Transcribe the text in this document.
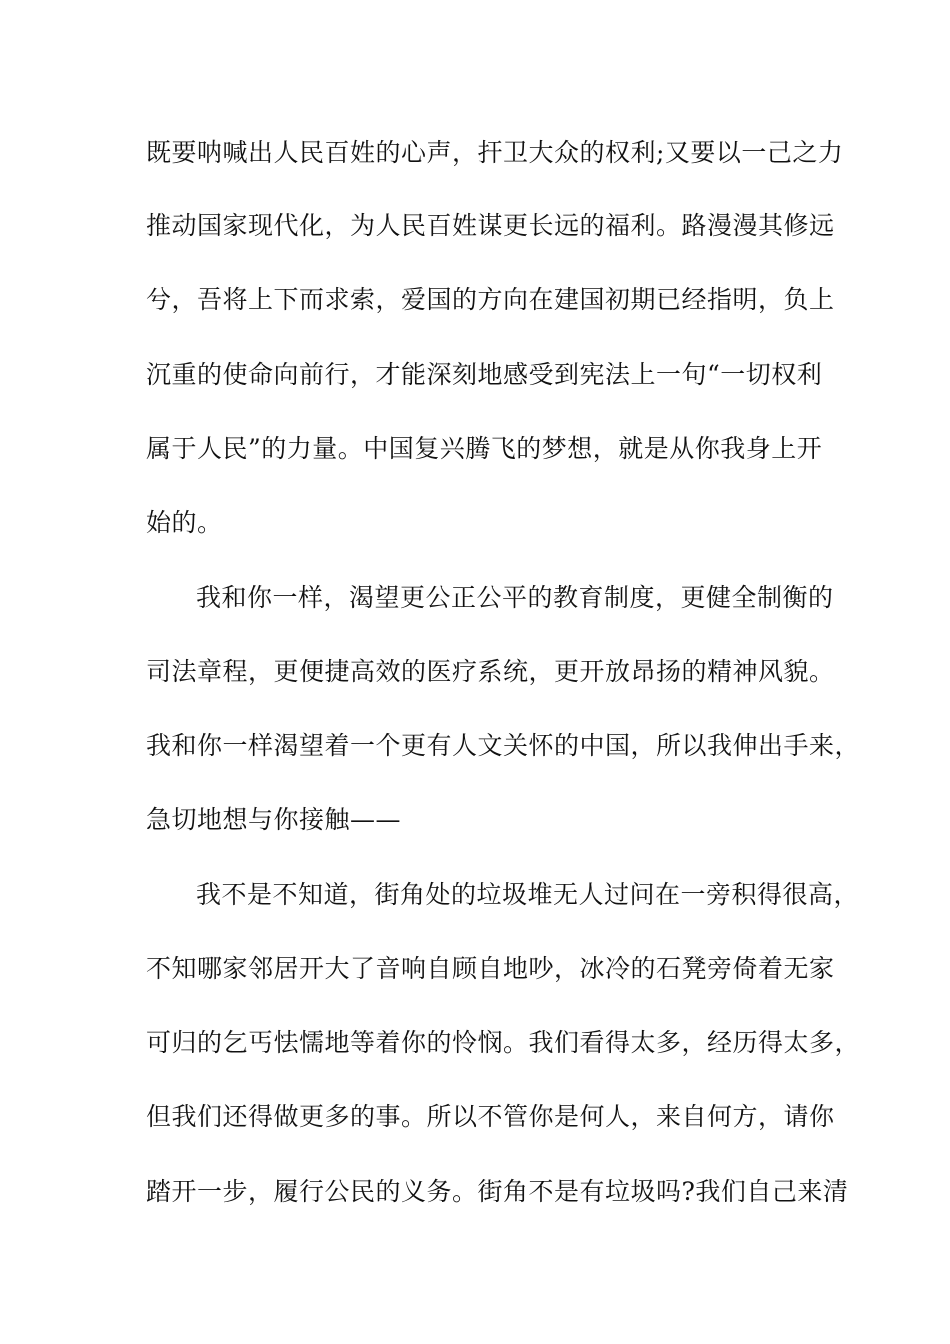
既要呐喊出人民百姓的心声，扞卫大众的权利;又要以一己之力
推动国家现代化，为人民百姓谋更长远的福利。路漫漫其修远
兮，吾将上下而求索，爱国的方向在建国初期已经指明，负上
沉重的使命向前行，才能深刻地感受到宪法上一句“一切权利
属于人民”的力量。中国复兴腾飞的梦想，就是从你我身上开
始的。
我和你一样，渴望更公正公平的教育制度，更健全制衡的
司法章程，更便捷高效的医疗系统，更开放昂扬的精神风貌。
我和你一样渴望着一个更有人文关怀的中国，所以我伸出手来，
急切地想与你接触——
我不是不知道，街角处的垃圾堆无人过问在一旁积得很高，
不知哪家邻居开大了音响自顾自地吵，冰冷的石凳旁倚着无家
可归的乞丐怯懦地等着你的怜悯。我们看得太多，经历得太多，
但我们还得做更多的事。所以不管你是何人，来自何方，请你
踏开一步，履行公民的义务。街角不是有垃圾吗?我们自己来清
